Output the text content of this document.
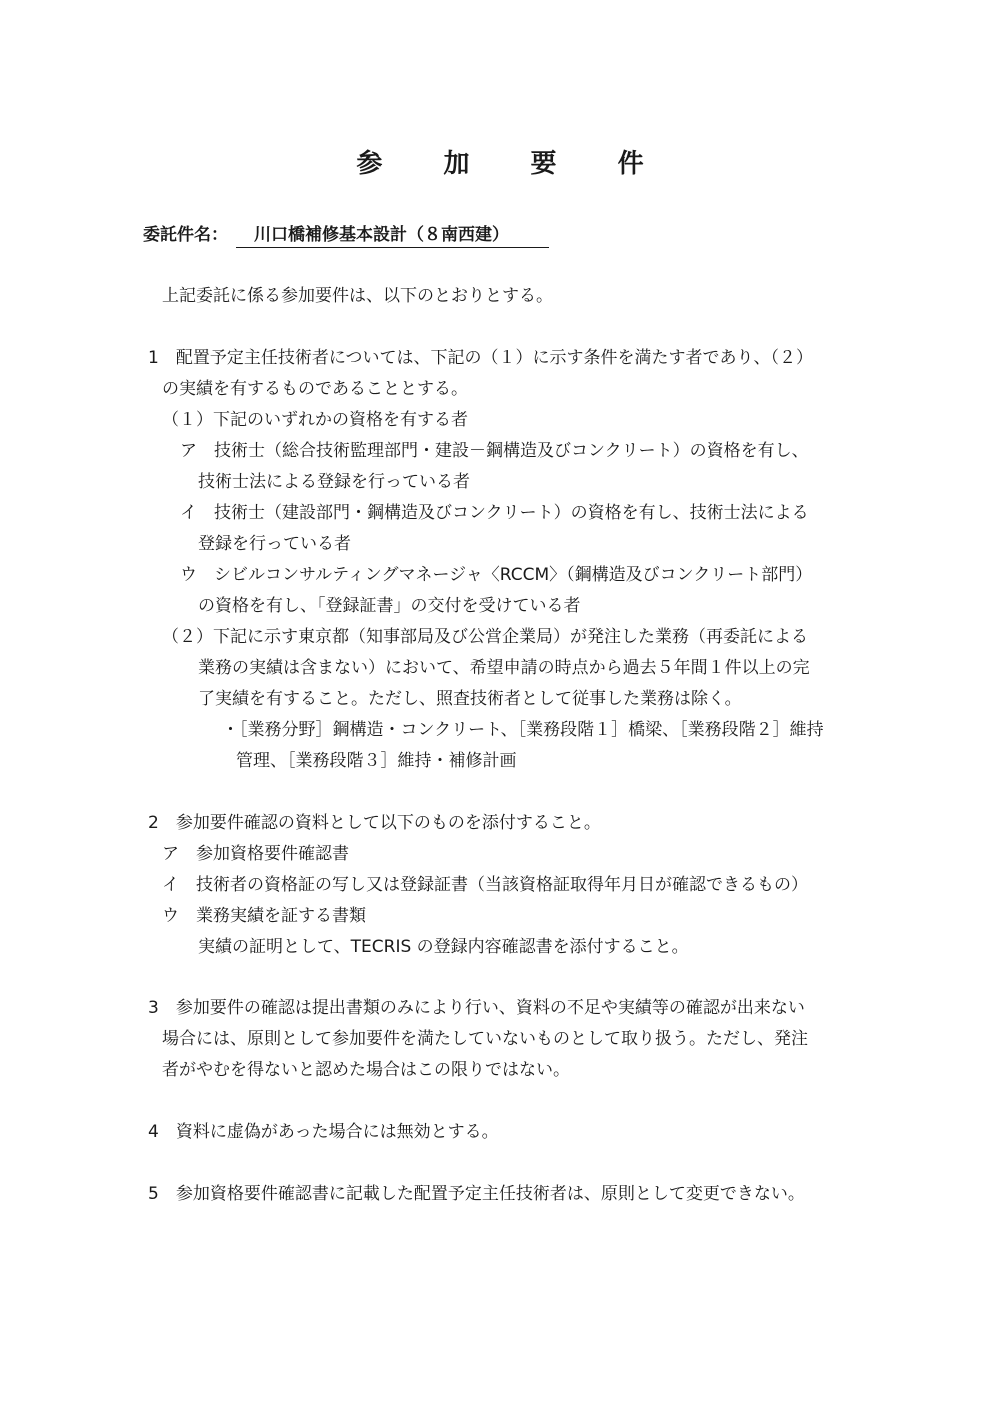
参 加 要 件
委託件名：	川口橋補修基本設計（８南西建）
上記委託に係る参加要件は、以下のとおりとする。
1　配置予定主任技術者については、下記の（１）に示す条件を満たす者であり、（２）
の実績を有するものであることとする。
（１）下記のいずれかの資格を有する者
ア　技術士（総合技術監理部門・建設－鋼構造及びコンクリート）の資格を有し、
技術士法による登録を行っている者
イ　技術士（建設部門・鋼構造及びコンクリート）の資格を有し、技術士法による
登録を行っている者
ウ　シビルコンサルティングマネージャ〈RCCM〉（鋼構造及びコンクリート部門）
の資格を有し、「登録証書」の交付を受けている者
（２）下記に示す東京都（知事部局及び公営企業局）が発注した業務（再委託による
業務の実績は含まない）において、希望申請の時点から過去５年間１件以上の完
了実績を有すること。ただし、照査技術者として従事した業務は除く。
・［業務分野］鋼構造・コンクリート、［業務段階１］橋梁、［業務段階２］維持
管理、［業務段階３］維持・補修計画
2　参加要件確認の資料として以下のものを添付すること。
ア　参加資格要件確認書
イ　技術者の資格証の写し又は登録証書（当該資格証取得年月日が確認できるもの）
ウ　業務実績を証する書類
実績の証明として、TECRIS の登録内容確認書を添付すること。
3　参加要件の確認は提出書類のみにより行い、資料の不足や実績等の確認が出来ない
場合には、原則として参加要件を満たしていないものとして取り扱う。ただし、発注
者がやむを得ないと認めた場合はこの限りではない。
4　資料に虚偽があった場合には無効とする。
5　参加資格要件確認書に記載した配置予定主任技術者は、原則として変更できない。
